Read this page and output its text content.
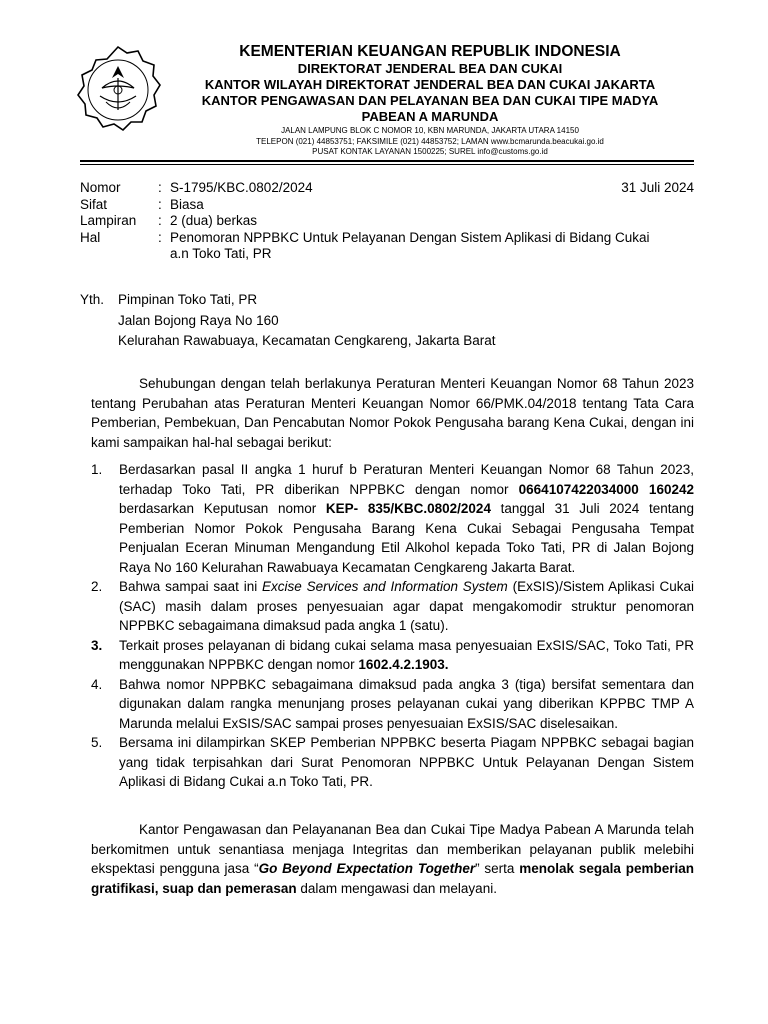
KEMENTERIAN KEUANGAN REPUBLIK INDONESIA
DIREKTORAT JENDERAL BEA DAN CUKAI
KANTOR WILAYAH DIREKTORAT JENDERAL BEA DAN CUKAI JAKARTA
KANTOR PENGAWASAN DAN PELAYANAN BEA DAN CUKAI TIPE MADYA
PABEAN A MARUNDA
JALAN LAMPUNG BLOK C NOMOR 10, KBN MARUNDA, JAKARTA UTARA 14150
TELEPON (021) 44853751; FAKSIMILE (021) 44853752; LAMAN www.bcmarunda.beacukai.go.id
PUSAT KONTAK LAYANAN 1500225; SUREL info@customs.go.id
31 Juli 2024
Nomor	: S-1795/KBC.0802/2024
Sifat	: Biasa
Lampiran	: 2 (dua) berkas
Hal	: Penomoran NPPBKC Untuk Pelayanan Dengan Sistem Aplikasi di Bidang Cukai
a.n Toko Tati, PR
Yth.	Pimpinan Toko Tati, PR
Jalan Bojong Raya No 160
Kelurahan Rawabuaya, Kecamatan Cengkareng, Jakarta Barat
Sehubungan dengan telah berlakunya Peraturan Menteri Keuangan Nomor 68 Tahun 2023 tentang Perubahan atas Peraturan Menteri Keuangan Nomor 66/PMK.04/2018 tentang Tata Cara Pemberian, Pembekuan, Dan Pencabutan Nomor Pokok Pengusaha barang Kena Cukai, dengan ini kami sampaikan hal-hal sebagai berikut:
1.	Berdasarkan pasal II angka 1 huruf b Peraturan Menteri Keuangan Nomor 68 Tahun 2023, terhadap Toko Tati, PR diberikan NPPBKC dengan nomor 0664107422034000 160242 berdasarkan Keputusan nomor KEP- 835/KBC.0802/2024 tanggal 31 Juli 2024 tentang Pemberian Nomor Pokok Pengusaha Barang Kena Cukai Sebagai Pengusaha Tempat Penjualan Eceran Minuman Mengandung Etil Alkohol kepada Toko Tati, PR di Jalan Bojong Raya No 160 Kelurahan Rawabuaya Kecamatan Cengkareng Jakarta Barat.
2.	Bahwa sampai saat ini Excise Services and Information System (ExSIS)/Sistem Aplikasi Cukai (SAC) masih dalam proses penyesuaian agar dapat mengakomodir struktur penomoran NPPBKC sebagaimana dimaksud pada angka 1 (satu).
3.	Terkait proses pelayanan di bidang cukai selama masa penyesuaian ExSIS/SAC, Toko Tati, PR menggunakan NPPBKC dengan nomor 1602.4.2.1903.
4.	Bahwa nomor NPPBKC sebagaimana dimaksud pada angka 3 (tiga) bersifat sementara dan digunakan dalam rangka menunjang proses pelayanan cukai yang diberikan KPPBC TMP A Marunda melalui ExSIS/SAC sampai proses penyesuaian ExSIS/SAC diselesaikan.
5.	Bersama ini dilampirkan SKEP Pemberian NPPBKC beserta Piagam NPPBKC sebagai bagian yang tidak terpisahkan dari Surat Penomoran NPPBKC Untuk Pelayanan Dengan Sistem Aplikasi di Bidang Cukai a.n Toko Tati, PR.
Kantor Pengawasan dan Pelayananan Bea dan Cukai Tipe Madya Pabean A Marunda telah berkomitmen untuk senantiasa menjaga Integritas dan memberikan pelayanan publik melebihi ekspektasi pengguna jasa “Go Beyond Expectation Together” serta menolak segala pemberian gratifikasi, suap dan pemerasan dalam mengawasi dan melayani.
